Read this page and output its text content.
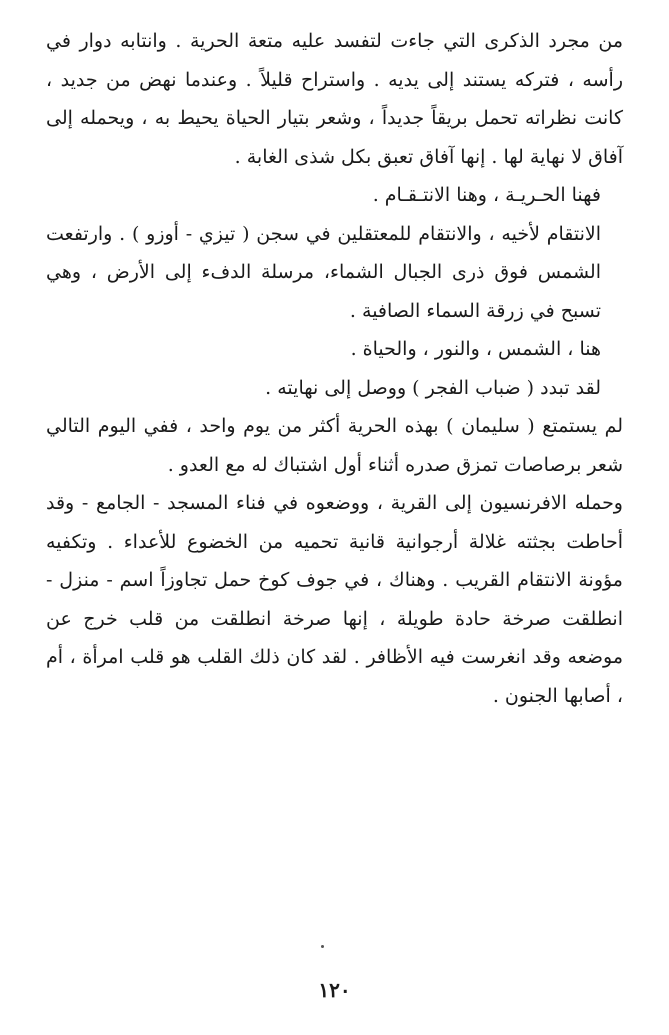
من مجرد الذكرى التي جاءت لتفسد عليه متعة الحرية . وانتابه دوار في رأسه ، فتركه يستند إلى يديه . واستراح قليلاً . وعندما نهض من جديد ، كانت نظراته تحمل بريقاً جديداً ، وشعر بتيار الحياة يحيط به ، ويحمله إلى آفاق لا نهاية لها . إنها آفاق تعبق بكل شذى الغابة .

فهنا الحـريـة ، وهنا الانتـقـام .

الانتقام لأخيه ، والانتقام للمعتقلين في سجن ( تيزي - أوزو ) . وارتفعت الشمس فوق ذرى الجبال الشماء، مرسلة الدفء إلى الأرض ، وهي تسبح في زرقة السماء الصافية .

هنا ، الشمس ، والنور ، والحياة .

لقد تبدد ( ضباب الفجر ) ووصل إلى نهايته .

لم يستمتع ( سليمان ) بهذه الحرية أكثر من يوم واحد ، ففي اليوم التالي شعر برصاصات تمزق صدره أثناء أول اشتباك له مع العدو .

وحمله الافرنسيون إلى القرية ، ووضعوه في فناء المسجد - الجامع - وقد أحاطت بجثته غلالة أرجوانية قانية تحميه من الخضوع للأعداء . وتكفيه مؤونة الانتقام القريب . وهناك ، في جوف كوخ حمل تجاوزاً اسم - منزل - انطلقت صرخة حادة طويلة ، إنها صرخة انطلقت من قلب خرج عن موضعه وقد انغرست فيه الأظافر . لقد كان ذلك القلب هو قلب امرأة ، أم ، أصابها الجنون .

١٢٠
